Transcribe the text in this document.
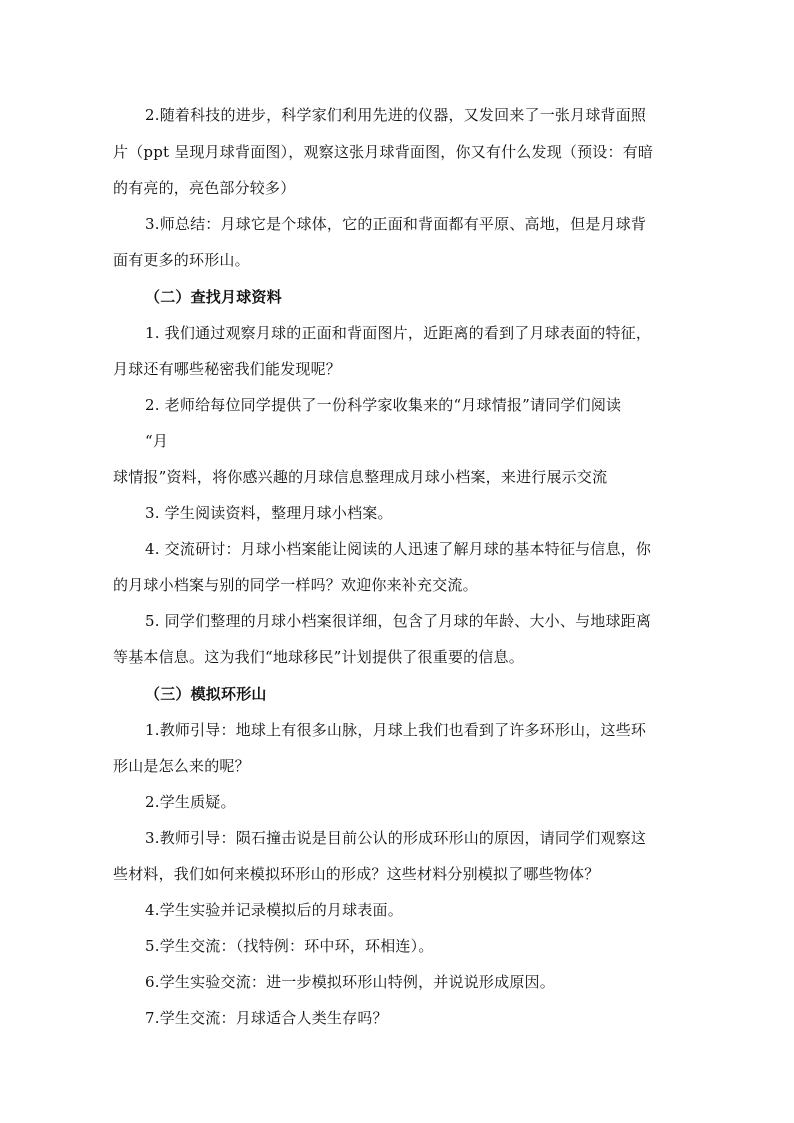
2.随着科技的进步，科学家们利用先进的仪器，又发回来了一张月球背面照
片（ppt 呈现月球背面图），观察这张月球背面图，你又有什么发现（预设：有暗
的有亮的，亮色部分较多）
3.师总结：月球它是个球体，它的正面和背面都有平原、高地，但是月球背
面有更多的环形山。
（二）查找月球资料
1. 我们通过观察月球的正面和背面图片，近距离的看到了月球表面的特征，
月球还有哪些秘密我们能发现呢？
2. 老师给每位同学提供了一份科学家收集来的“月球情报”请同学们阅读
“月
球情报”资料，将你感兴趣的月球信息整理成月球小档案，来进行展示交流
3. 学生阅读资料，整理月球小档案。
4. 交流研讨：月球小档案能让阅读的人迅速了解月球的基本特征与信息，你
的月球小档案与别的同学一样吗？欢迎你来补充交流。
5. 同学们整理的月球小档案很详细，包含了月球的年龄、大小、与地球距离
等基本信息。这为我们“地球移民”计划提供了很重要的信息。
（三）模拟环形山
1.教师引导：地球上有很多山脉，月球上我们也看到了许多环形山，这些环
形山是怎么来的呢？
2.学生质疑。
3.教师引导：陨石撞击说是目前公认的形成环形山的原因，请同学们观察这
些材料，我们如何来模拟环形山的形成？这些材料分别模拟了哪些物体？
4.学生实验并记录模拟后的月球表面。
5.学生交流：（找特例：环中环，环相连）。
6.学生实验交流：进一步模拟环形山特例，并说说形成原因。
7.学生交流：月球适合人类生存吗？
